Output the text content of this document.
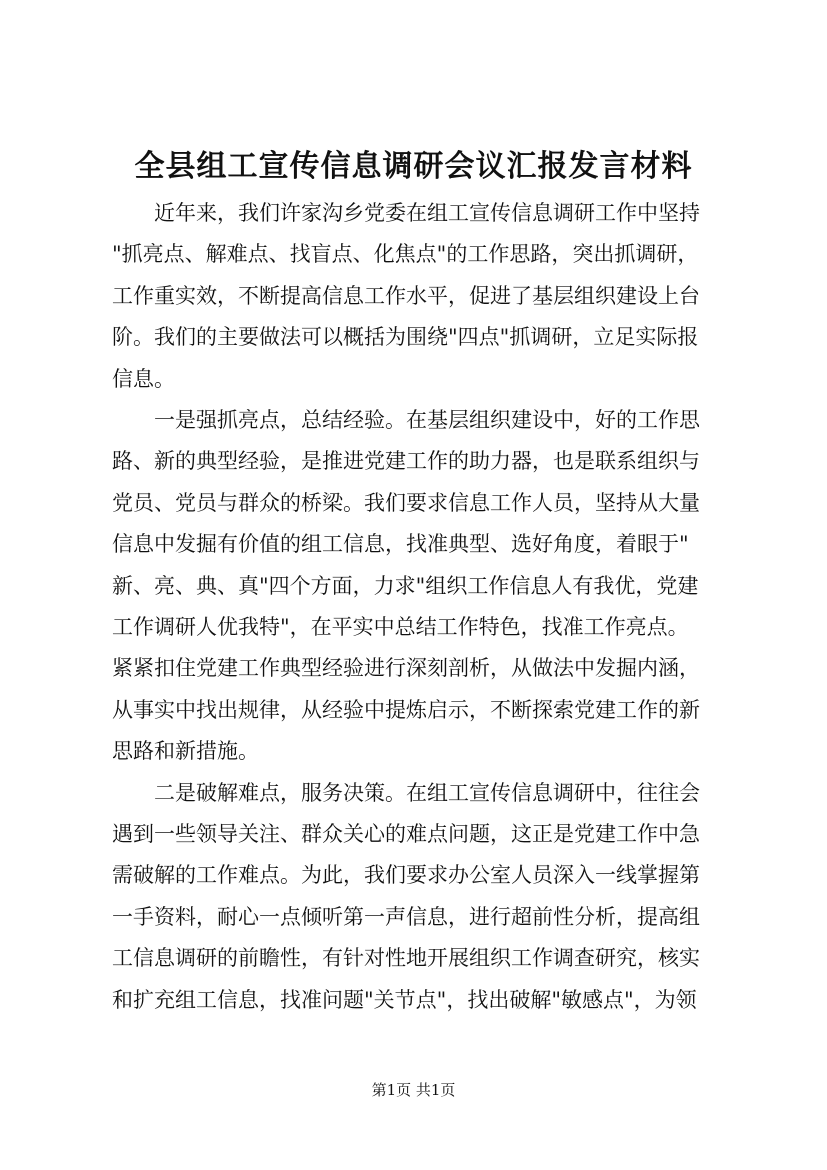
全县组工宣传信息调研会议汇报发言材料
近年来，我们许家沟乡党委在组工宣传信息调研工作中坚持
"抓亮点、解难点、找盲点、化焦点"的工作思路，突出抓调研，
工作重实效，不断提高信息工作水平，促进了基层组织建设上台
阶。我们的主要做法可以概括为围绕"四点"抓调研，立足实际报
信息。
一是强抓亮点，总结经验。在基层组织建设中，好的工作思
路、新的典型经验，是推进党建工作的助力器，也是联系组织与
党员、党员与群众的桥梁。我们要求信息工作人员，坚持从大量
信息中发掘有价值的组工信息，找准典型、选好角度，着眼于"
新、亮、典、真"四个方面，力求"组织工作信息人有我优，党建
工作调研人优我特"，在平实中总结工作特色，找准工作亮点。
紧紧扣住党建工作典型经验进行深刻剖析，从做法中发掘内涵，
从事实中找出规律，从经验中提炼启示，不断探索党建工作的新
思路和新措施。
二是破解难点，服务决策。在组工宣传信息调研中，往往会
遇到一些领导关注、群众关心的难点问题，这正是党建工作中急
需破解的工作难点。为此，我们要求办公室人员深入一线掌握第
一手资料，耐心一点倾听第一声信息，进行超前性分析，提高组
工信息调研的前瞻性，有针对性地开展组织工作调查研究，核实
和扩充组工信息，找准问题"关节点"，找出破解"敏感点"，为领
第1页 共1页
